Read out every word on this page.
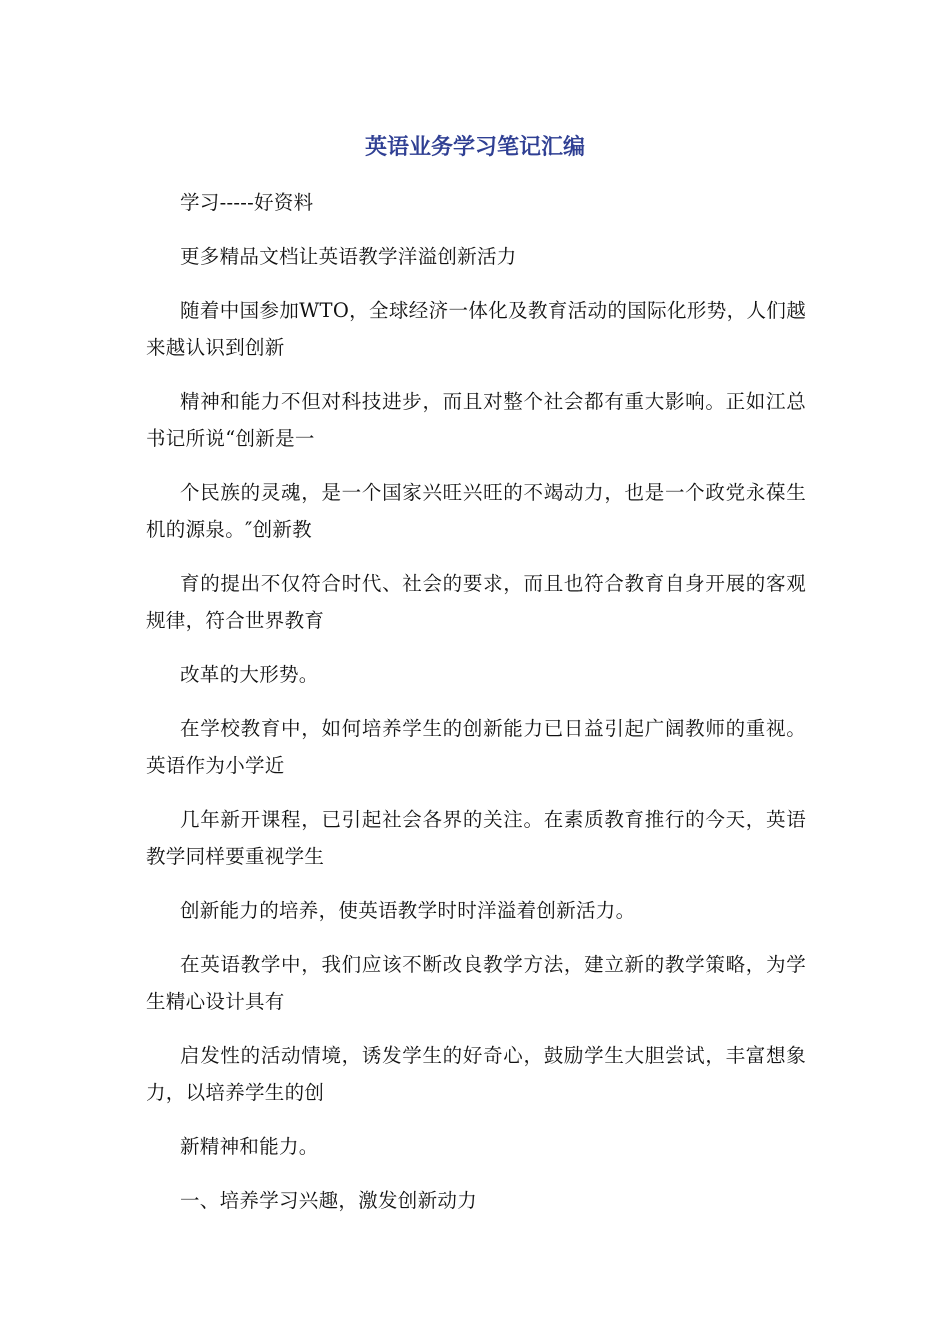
英语业务学习笔记汇编

学习-----好资料

更多精品文档让英语教学洋溢创新活力

随着中国参加WTO，全球经济一体化及教育活动的国际化形势，人们越来越认识到创新

精神和能力不但对科技进步，而且对整个社会都有重大影响。正如江总书记所说“创新是一

个民族的灵魂，是一个国家兴旺兴旺的不竭动力，也是一个政党永葆生机的源泉。″创新教

育的提出不仅符合时代、社会的要求，而且也符合教育自身开展的客观规律，符合世界教育

改革的大形势。

在学校教育中，如何培养学生的创新能力已日益引起广阔教师的重视。英语作为小学近

几年新开课程，已引起社会各界的关注。在素质教育推行的今天，英语教学同样要重视学生

创新能力的培养，使英语教学时时洋溢着创新活力。

在英语教学中，我们应该不断改良教学方法，建立新的教学策略，为学生精心设计具有

启发性的活动情境，诱发学生的好奇心，鼓励学生大胆尝试，丰富想象力，以培养学生的创

新精神和能力。

一、培养学习兴趣，激发创新动力
